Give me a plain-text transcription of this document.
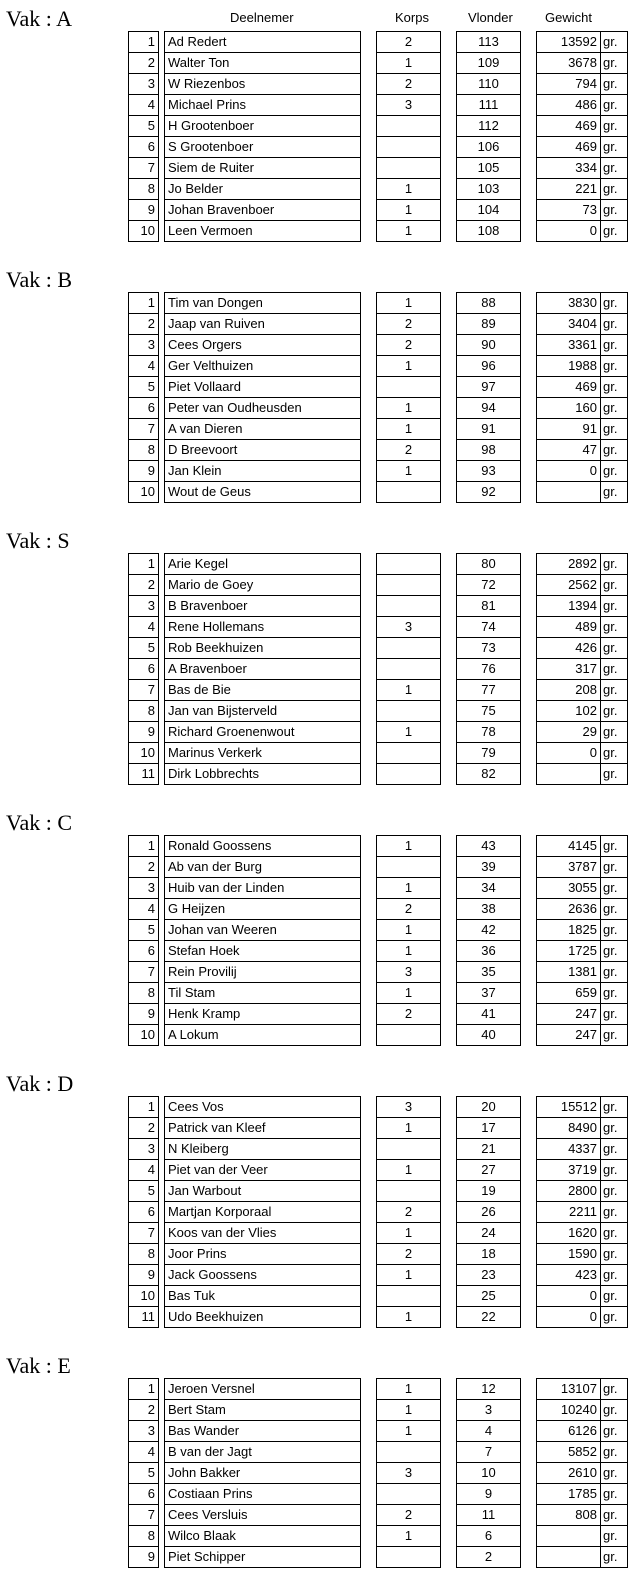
Deelnemer	Korps	Vlonder Gewicht
Vak : A
1		Ad Redert		2		113		13592	gr.
2		Walter Ton		1		109		3678	gr.
3		W Riezenbos		2		110		794	gr.
4		Michael Prins		3		111		486	gr.
5		H Grootenboer				112		469	gr.
6		S Grootenboer				106		469	gr.
7		Siem de Ruiter				105		334	gr.
8		Jo Belder		1		103		221	gr.
9		Johan Bravenboer		1		104		73	gr.
10		Leen Vermoen		1		108		0	gr.
Vak : B
1		Tim van Dongen		1		88		3830	gr.
2		Jaap van Ruiven		2		89		3404	gr.
3		Cees Orgers		2		90		3361	gr.
4		Ger Velthuizen		1		96		1988	gr.
5		Piet Vollaard				97		469	gr.
6		Peter van Oudheusden		1		94		160	gr.
7		A van Dieren		1		91		91	gr.
8		D Breevoort		2		98		47	gr.
9		Jan Klein		1		93		0	gr.
10		Wout de Geus				92			gr.
Vak : S
1		Arie Kegel				80		2892	gr.
2		Mario de Goey				72		2562	gr.
3		B Bravenboer				81		1394	gr.
4		Rene Hollemans		3		74		489	gr.
5		Rob Beekhuizen				73		426	gr.
6		A Bravenboer				76		317	gr.
7		Bas de Bie		1		77		208	gr.
8		Jan van Bijsterveld				75		102	gr.
9		Richard Groenenwout		1		78		29	gr.
10		Marinus Verkerk				79		0	gr.
11		Dirk Lobbrechts				82			gr.
Vak : C
1		Ronald Goossens		1		43		4145	gr.
2		Ab van der Burg				39		3787	gr.
3		Huib van der Linden		1		34		3055	gr.
4		G Heijzen		2		38		2636	gr.
5		Johan van Weeren		1		42		1825	gr.
6		Stefan Hoek		1		36		1725	gr.
7		Rein Provilij		3		35		1381	gr.
8		Til Stam		1		37		659	gr.
9		Henk Kramp		2		41		247	gr.
10		A Lokum				40		247	gr.
Vak : D
1		Cees Vos		3		20		15512	gr.
2		Patrick van Kleef		1		17		8490	gr.
3		N Kleiberg				21		4337	gr.
4		Piet van der Veer		1		27		3719	gr.
5		Jan Warbout				19		2800	gr.
6		Martjan Korporaal		2		26		2211	gr.
7		Koos van der Vlies		1		24		1620	gr.
8		Joor Prins		2		18		1590	gr.
9		Jack Goossens		1		23		423	gr.
10		Bas Tuk				25		0	gr.
11		Udo Beekhuizen		1		22		0	gr.
Vak : E
1		Jeroen Versnel		1		12		13107	gr.
2		Bert Stam		1		3		10240	gr.
3		Bas Wander		1		4		6126	gr.
4		B van der Jagt				7		5852	gr.
5		John Bakker		3		10		2610	gr.
6		Costiaan Prins				9		1785	gr.
7		Cees Versluis		2		11		808	gr.
8		Wilco Blaak		1		6			gr.
9		Piet Schipper				2			gr.
